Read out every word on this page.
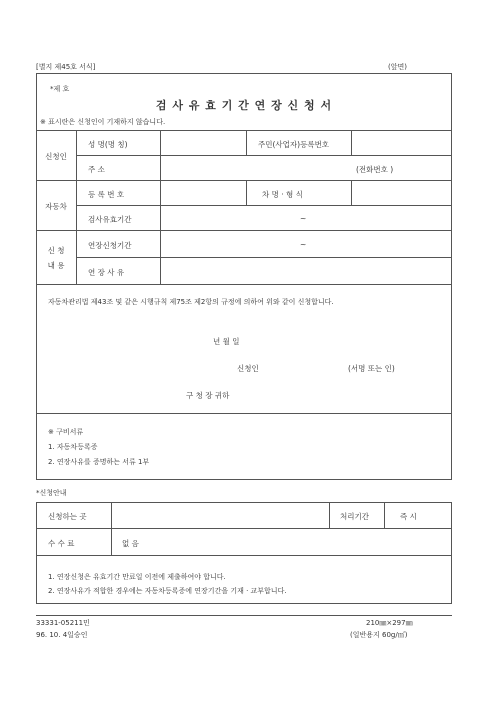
[별지 제45호 서식]	(앞면)
*제 호
검 사 유 효 기 간 연 장 신 청 서
※ 표시란은 신청인이 기재하지 않습니다.
신청인
성 명(명 칭)	주민(사업자)등록번호
주 소	(전화번호 )
자동차
등 록 번 호	차 명 · 형 식
검사유효기간	~
신 청
내 용
연장신청기간	~
연 장 사 유
자동차관리법 제43조 및 같은 시행규칙 제75조 제2항의 규정에 의하여 위와 같이 신청합니다.
년 월 일
신청인	(서명 또는 인)
구 청 장 귀하
※ 구비서류
1. 자동차등록증
2. 연장사유를 증명하는 서류 1부
*신청안내
신청하는 곳	처리기간	즉 시
수 수 료	없 음
1. 연장신청은 유효기간 만료일 이전에 제출하여야 합니다.
2. 연장사유가 적합한 경우에는 자동차등록증에 연장기간을 기재 · 교부합니다.
33331-05211민
96. 10. 4일승인
210㎜×297㎜
(일반용지 60g/㎡)
